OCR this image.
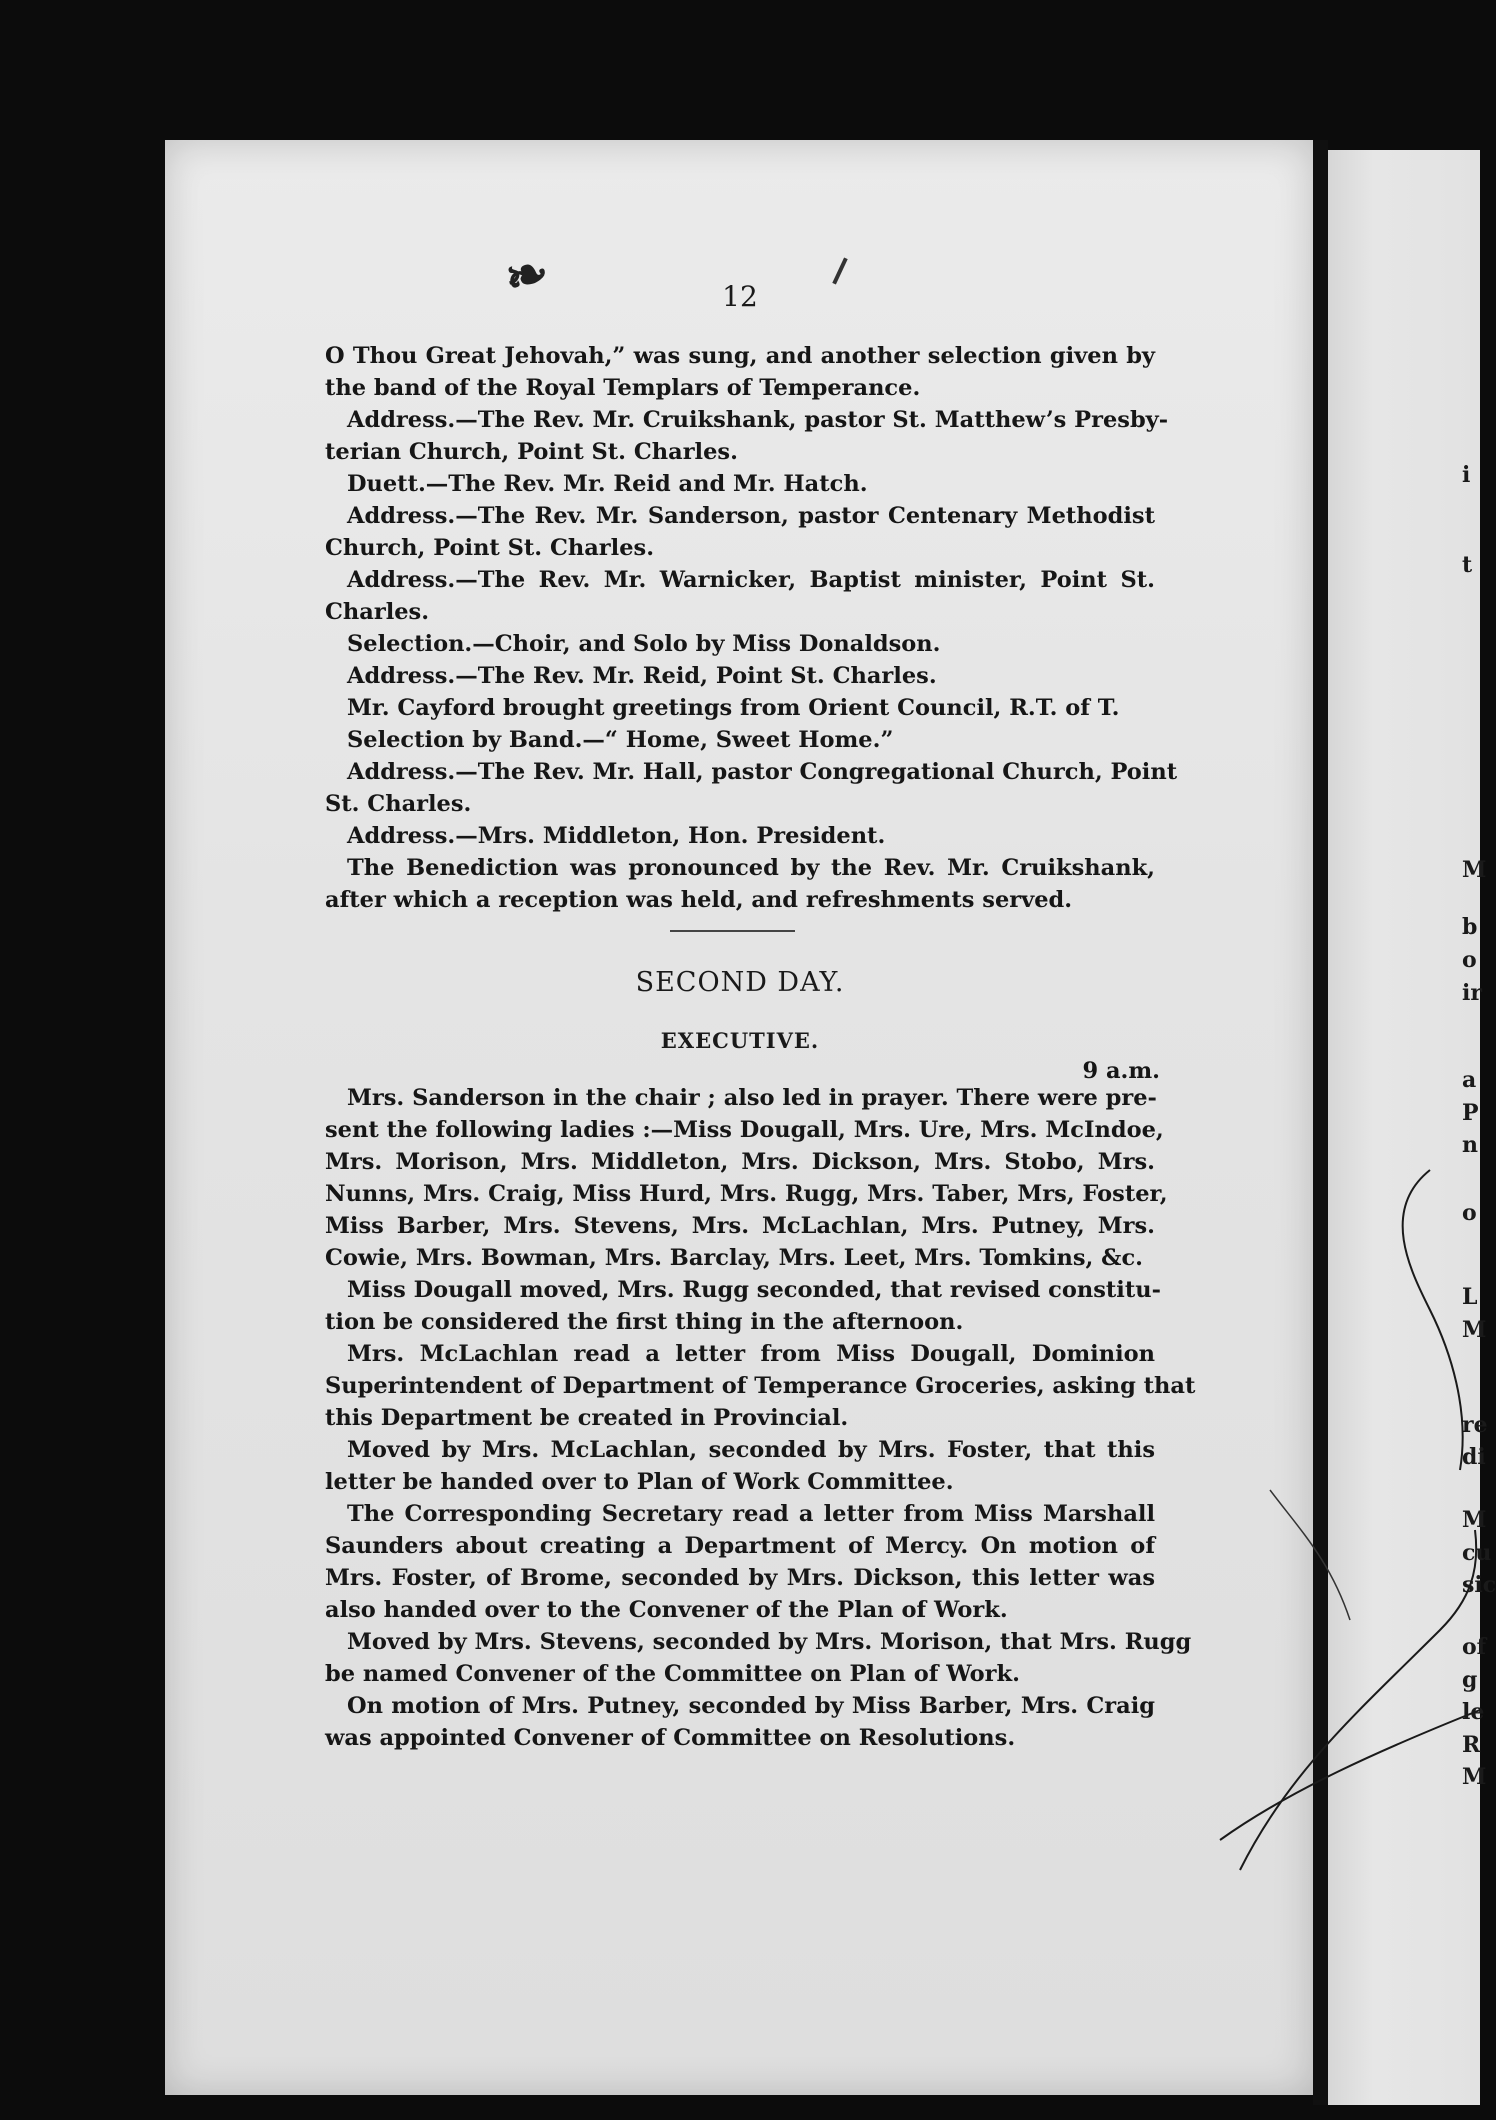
❧	12
O Thou Great Jehovah,” was sung, and another selection given by
the band of the Royal Templars of Temperance.
Address.—The Rev. Mr. Cruikshank, pastor St. Matthew’s Presby-
terian Church, Point St. Charles.
Duett.—The Rev. Mr. Reid and Mr. Hatch.
Address.—The Rev. Mr. Sanderson, pastor Centenary Methodist
Church, Point St. Charles.
Address.—The Rev. Mr. Warnicker, Baptist minister, Point St.
Charles.
Selection.—Choir, and Solo by Miss Donaldson.
Address.—The Rev. Mr. Reid, Point St. Charles.
Mr. Cayford brought greetings from Orient Council, R.T. of T.
Selection by Band.—“ Home, Sweet Home.”
Address.—The Rev. Mr. Hall, pastor Congregational Church, Point
St. Charles.
Address.—Mrs. Middleton, Hon. President.
The Benediction was pronounced by the Rev. Mr. Cruikshank,
after which a reception was held, and refreshments served.
SECOND DAY.
EXECUTIVE.
9 a.m.
Mrs. Sanderson in the chair ; also led in prayer. There were pre-
sent the following ladies :—Miss Dougall, Mrs. Ure, Mrs. McIndoe,
Mrs. Morison, Mrs. Middleton, Mrs. Dickson, Mrs. Stobo, Mrs.
Nunns, Mrs. Craig, Miss Hurd, Mrs. Rugg, Mrs. Taber, Mrs, Foster,
Miss Barber, Mrs. Stevens, Mrs. McLachlan, Mrs. Putney, Mrs.
Cowie, Mrs. Bowman, Mrs. Barclay, Mrs. Leet, Mrs. Tomkins, &c.
Miss Dougall moved, Mrs. Rugg seconded, that revised constitu-
tion be considered the first thing in the afternoon.
Mrs. McLachlan read a letter from Miss Dougall, Dominion
Superintendent of Department of Temperance Groceries, asking that
this Department be created in Provincial.
Moved by Mrs. McLachlan, seconded by Mrs. Foster, that this
letter be handed over to Plan of Work Committee.
The Corresponding Secretary read a letter from Miss Marshall
Saunders about creating a Department of Mercy. On motion of
Mrs. Foster, of Brome, seconded by Mrs. Dickson, this letter was
also handed over to the Convener of the Plan of Work.
Moved by Mrs. Stevens, seconded by Mrs. Morison, that Mrs. Rugg
be named Convener of the Committee on Plan of Work.
On motion of Mrs. Putney, seconded by Miss Barber, Mrs. Craig
was appointed Convener of Committee on Resolutions.
i
t
M
b
o
ir
a
P
n
o
L
M
re
di
M
cu
sic
of
g
le
R
M
